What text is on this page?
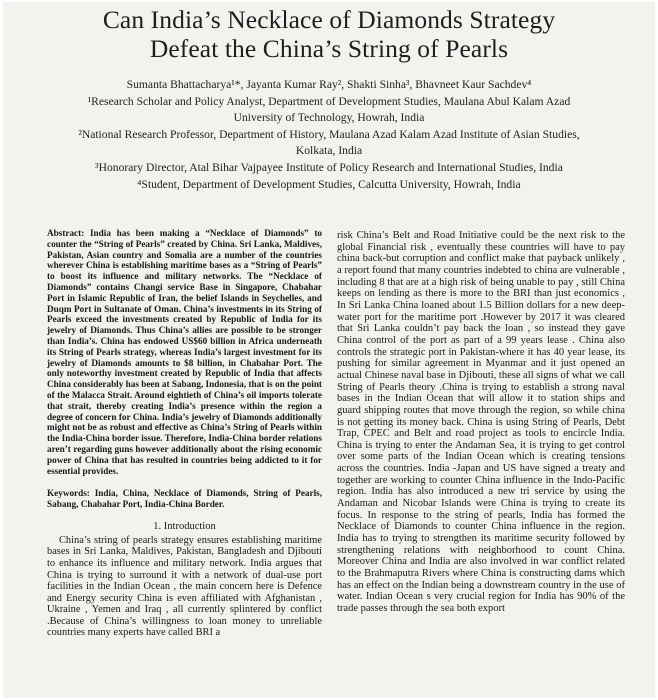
Can India’s Necklace of Diamonds Strategy
Defeat the China’s String of Pearls
Sumanta Bhattacharya¹*, Jayanta Kumar Ray², Shakti Sinha³, Bhavneet Kaur Sachdev⁴
¹Research Scholar and Policy Analyst, Department of Development Studies, Maulana Abul Kalam Azad
University of Technology, Howrah, India
²National Research Professor, Department of History, Maulana Azad Kalam Azad Institute of Asian Studies,
Kolkata, India
³Honorary Director, Atal Bihar Vajpayee Institute of Policy Research and International Studies, India
⁴Student, Department of Development Studies, Calcutta University, Howrah, India

Abstract: India has been making a “Necklace of Diamonds” to counter the “String of Pearls” created by China. Sri Lanka, Maldives, Pakistan, Asian country and Somalia are a number of the countries wherever China is establishing maritime bases as a “String of Pearls” to boost its influence and military networks. The “Necklace of Diamonds” contains Changi service Base in Singapore, Chabahar Port in Islamic Republic of Iran, the belief Islands in Seychelles, and Duqm Port in Sultanate of Oman. China’s investments in its String of Pearls exceed the investments created by Republic of India for its jewelry of Diamonds. Thus China’s allies are possible to be stronger than India’s. China has endowed US$60 billion in Africa underneath its String of Pearls strategy, whereas India’s largest investment for its jewelry of Diamonds amounts to $8 billion, in Chabahar Port. The only noteworthy investment created by Republic of India that affects China considerably has been at Sabang, Indonesia, that is on the point of the Malacca Strait. Around eightieth of China’s oil imports tolerate that strait, thereby creating India’s presence within the region a degree of concern for China. India’s jewelry of Diamonds additionally might not be as robust and effective as China’s String of Pearls within the India-China border issue. Therefore, India-China border relations aren’t regarding guns however additionally about the rising economic power of China that has resulted in countries being addicted to it for essential provides.

Keywords: India, China, Necklace of Diamonds, String of Pearls, Sabang, Chabahar Port, India-China Border.

1. Introduction

China’s string of pearls strategy ensures establishing maritime bases in Sri Lanka, Maldives, Pakistan, Bangladesh and Djibouti to enhance its influence and military network. India argues that China is trying to surround it with a network of dual-use port facilities in the Indian Ocean , the main concern here is Defence and Energy security China is even affiliated with Afghanistan , Ukraine , Yemen and Iraq , all currently splintered by conflict .Because of China’s willingness to loan money to unreliable countries many experts have called BRI a

risk China’s Belt and Road Initiative could be the next risk to the global Financial risk , eventually these countries will have to pay china back-but corruption and conflict make that payback unlikely , a report found that many countries indebted to china are vulnerable , including 8 that are at a high risk of being unable to pay , still China keeps on lending as there is more to the BRI than just economics , In Sri Lanka China loaned about 1.5 Billion dollars for a new deep-water port for the maritime port .However by 2017 it was cleared that Sri Lanka couldn’t pay back the loan , so instead they gave China control of the port as part of a 99 years lease . China also controls the strategic port in Pakistan-where it has 40 year lease, its pushing for similar agreement in Myanmar and it just opened an actual Chinese naval base in Djibouti, these all signs of what we call String of Pearls theory .China is trying to establish a strong naval bases in the Indian Ocean that will allow it to station ships and guard shipping routes that move through the region, so while china is not getting its money back. China is using String of Pearls, Debt Trap, CPEC and Belt and road project as tools to encircle India. China is trying to enter the Andaman Sea, it is trying to get control over some parts of the Indian Ocean which is creating tensions across the countries. India -Japan and US have signed a treaty and together are working to counter China influence in the Indo-Pacific region. India has also introduced a new tri service by using the Andaman and Nicobar Islands were China is trying to create its focus. In response to the string of pearls, India has formed the Necklace of Diamonds to counter China influence in the region. India has to trying to strengthen its maritime security followed by strengthening relations with neighborhood to count China. Moreover China and India are also involved in war conflict related to the Brahmaputra Rivers where China is constructing dams which has an effect on the Indian being a downstream country in the use of water. Indian Ocean s very crucial region for India has 90% of the trade passes through the sea both export
